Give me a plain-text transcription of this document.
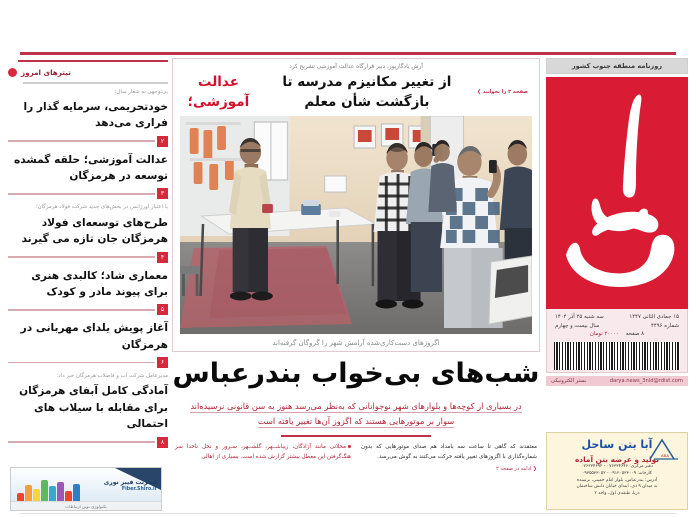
تیترهای امروز
بی‌توجهی به شعار سال؛
خودتحریمی، سرمایه گذار را فراری می‌دهد
۲
عدالت آموزشی؛ حلقه گمشده توسعه در هرمزگان
۳
با اعتبار اورژانس در بخش‌های جدید شرکت فولاد هرمزگان؛
طرح‌های توسعه‌ای فولاد هرمزگان جان تازه می گیرند
۴
معماری شاد؛ کالبدی هنری برای پیوند مادر و کودک
۵
آغاز پویش یلدای مهربانی در هرمزگان
۶
مدیرعامل شرکت آب و فاضلاب هرمزگان خبر داد؛
آمادگی کامل آبفای هرمزگان برای مقابله با سیلاب های احتمالی
۸
اینترنت فیبر نوری
Fiber.Shiro.ir
تکنولوژی نوین ارتباطات
آرش یادگارپور، دبیر قرارگاه عدالت آموزشی تشریح کرد
عدالت آموزشی؛
از تغییر مکانیزم مدرسه تا بازگشت شأن معلم
صفحه ۳ را بخوانید ❯
اگزوزهای دست‌کاری‌شده آرامش شهر را گروگان گرفته‌اند
شب‌های بی‌خواب بندرعباس
در بسیاری از کوچه‌ها و بلوارهای شهر نوجوانانی که به‌نظر می‌رسد هنوز به سن قانونی نرسیده‌اند
سوار بر موتورهایی هستند که اگزوز آن‌ها تغییر یافته است
معتقدند که گاهی تا ساعت سه بامداد هم صدای موتورهایی که بدون شماره‌گذاری با اگزوزهای تغییر یافته حرکت می‌کنند به گوش می‌رسد.
❮ ادامه در صفحه ۲
محلاتی مانند آزادگان، زیباشــهر، گلشــهر، سـرور و نخل ناخدا سر هنگ‌گرفتن این معطل بیشتر گزارش شده است. بسیاری از اهالی
روزنامه منطقه جنوب کشور
سه شنبه ۲۵ آذر ۱۴۰۴	۱۵ جمادی الثانی ۱۴۴۷
سال بیست و چهارم	شماره ۴۴۹۶
۸ صفحه    ۲۰۰۰۰ تومان
بستر الکترونیکی	darya.news_3nld@rdist.com
ABA
آبا بتن ساحل
تولید و عرضه بتن آماده
دفتر مرکزی: ۰۷۶۳۳۴۶۴۶ - ۰۷۶۳۳۴۶۹۲
کارخانه: ۰۹۱۲۰۵۳۳۰۰۹ - ۰۹۳۵۵۳۳۰۵۲
آدرس: بندرعباس، بلوار امام خمینی، نرسیده
به میدان ۹ دی، ابتدای خیابان دانش ساختمان
دریا، طبقه‌ی اول، واحد ۲
